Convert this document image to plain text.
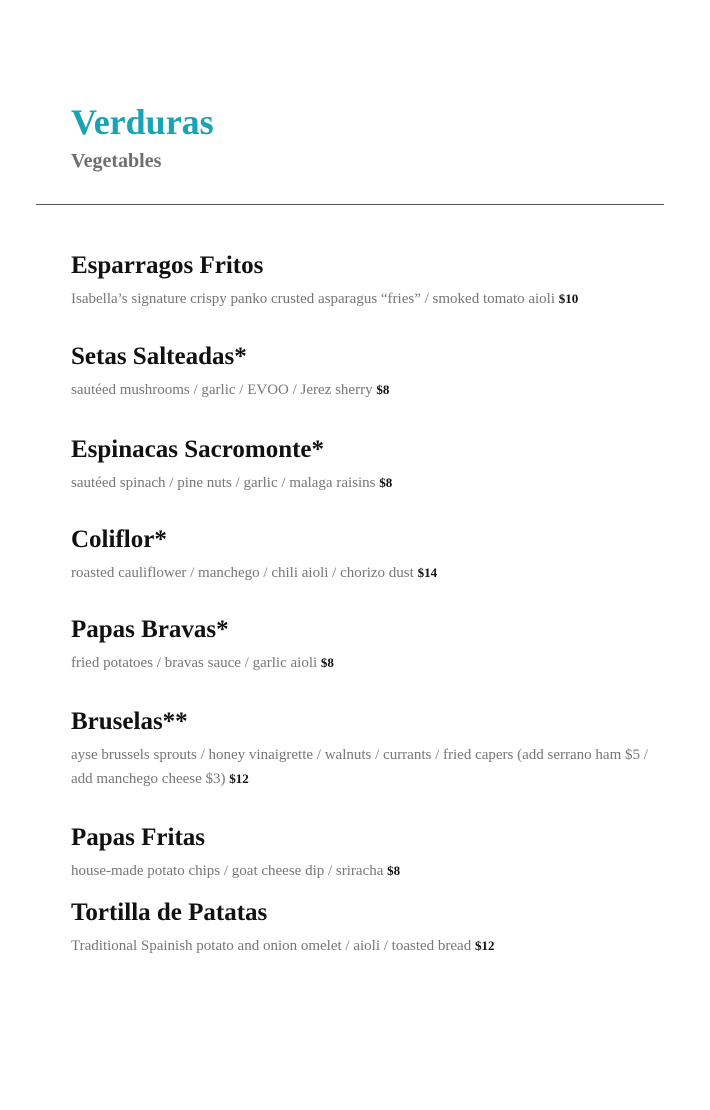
Verduras
Vegetables
Esparragos Fritos
Isabella’s signature crispy panko crusted asparagus “fries” / smoked tomato aioli $10
Setas Salteadas*
sautéed mushrooms / garlic / EVOO / Jerez sherry $8
Espinacas Sacromonte*
sautéed spinach / pine nuts / garlic / malaga raisins $8
Coliflor*
roasted cauliflower / manchego / chili aioli / chorizo dust $14
Papas Bravas*
fried potatoes / bravas sauce / garlic aioli $8
Bruselas**
ayse brussels sprouts / honey vinaigrette / walnuts / currants / fried capers (add serrano ham $5 / add manchego cheese $3) $12
Papas Fritas
house-made potato chips / goat cheese dip / sriracha $8
Tortilla de Patatas
Traditional Spainish potato and onion omelet / aioli / toasted bread $12
